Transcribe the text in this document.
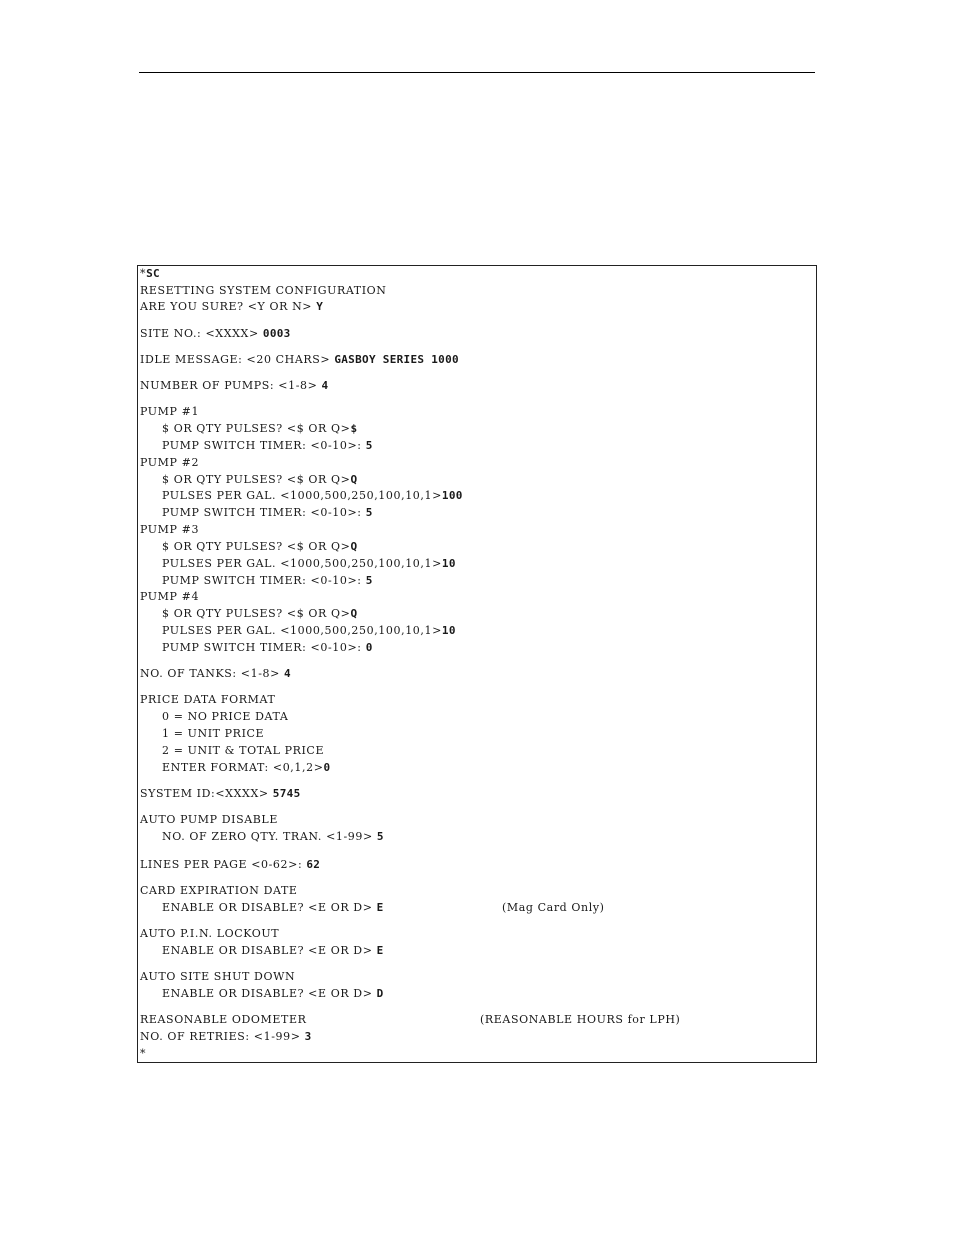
*SC
RESETTING SYSTEM CONFIGURATION
ARE YOU SURE? <Y OR N> Y
SITE NO.: <XXXX> 0003
IDLE MESSAGE: <20 CHARS> GASBOY SERIES 1000
NUMBER OF PUMPS: <1-8> 4
PUMP #1
$ OR QTY PULSES? <$ OR Q>$
PUMP SWITCH TIMER: <0-10>: 5
PUMP #2
$ OR QTY PULSES? <$ OR Q>Q
PULSES PER GAL. <1000,500,250,100,10,1>100
PUMP SWITCH TIMER: <0-10>: 5
PUMP #3
$ OR QTY PULSES? <$ OR Q>Q
PULSES PER GAL. <1000,500,250,100,10,1>10
PUMP SWITCH TIMER: <0-10>: 5
PUMP #4
$ OR QTY PULSES? <$ OR Q>Q
PULSES PER GAL. <1000,500,250,100,10,1>10
PUMP SWITCH TIMER: <0-10>: 0
NO. OF TANKS: <1-8> 4
PRICE DATA FORMAT
0 = NO PRICE DATA
1 = UNIT PRICE
2 = UNIT & TOTAL PRICE
ENTER FORMAT: <0,1,2>0
SYSTEM ID:<XXXX> 5745
AUTO PUMP DISABLE
NO. OF ZERO QTY. TRAN. <1-99> 5
LINES PER PAGE <0-62>: 62
CARD EXPIRATION DATE
ENABLE OR DISABLE? <E OR D> E	(Mag Card Only)
AUTO P.I.N. LOCKOUT
ENABLE OR DISABLE? <E OR D> E
AUTO SITE SHUT DOWN
ENABLE OR DISABLE? <E OR D> D
REASONABLE ODOMETER	(REASONABLE HOURS for LPH)
NO. OF RETRIES: <1-99> 3
*
